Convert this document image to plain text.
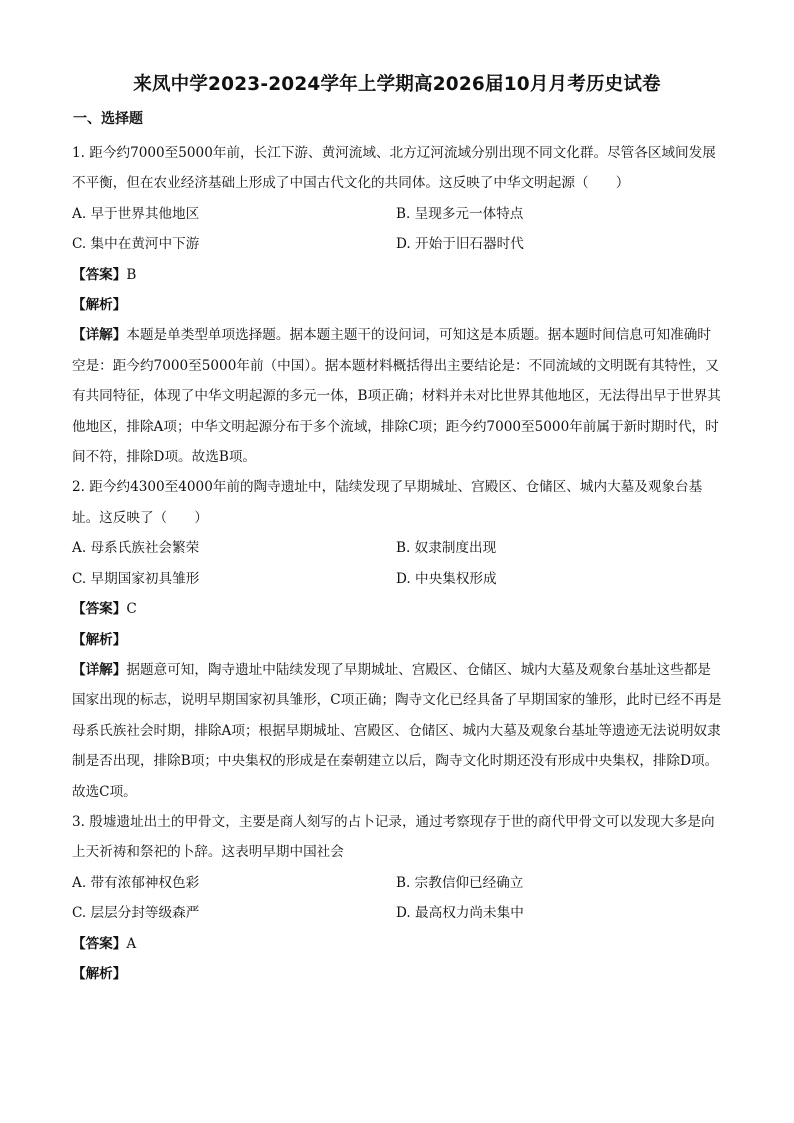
来凤中学2023-2024学年上学期高2026届10月月考历史试卷
一、选择题
1. 距今约7000至5000年前，长江下游、黄河流域、北方辽河流域分别出现不同文化群。尽管各区域间发展不平衡，但在农业经济基础上形成了中国古代文化的共同体。这反映了中华文明起源（　　）
A. 早于世界其他地区	B. 呈现多元一体特点
C. 集中在黄河中下游	D. 开始于旧石器时代
【答案】B
【解析】
【详解】本题是单类型单项选择题。据本题主题干的设问词，可知这是本质题。据本题时间信息可知准确时空是：距今约7000至5000年前（中国）。据本题材料概括得出主要结论是：不同流域的文明既有其特性，又有共同特征，体现了中华文明起源的多元一体，B项正确；材料并未对比世界其他地区，无法得出早于世界其他地区，排除A项；中华文明起源分布于多个流域，排除C项；距今约7000至5000年前属于新时期时代，时间不符，排除D项。故选B项。
2. 距今约4300至4000年前的陶寺遗址中，陆续发现了早期城址、宫殿区、仓储区、城内大墓及观象台基址。这反映了（　　）
A. 母系氏族社会繁荣	B. 奴隶制度出现
C. 早期国家初具雏形	D. 中央集权形成
【答案】C
【解析】
【详解】据题意可知，陶寺遗址中陆续发现了早期城址、宫殿区、仓储区、城内大墓及观象台基址这些都是国家出现的标志，说明早期国家初具雏形，C项正确；陶寺文化已经具备了早期国家的雏形，此时已经不再是母系氏族社会时期，排除A项；根据早期城址、宫殿区、仓储区、城内大墓及观象台基址等遗迹无法说明奴隶制是否出现，排除B项；中央集权的形成是在秦朝建立以后，陶寺文化时期还没有形成中央集权，排除D项。故选C项。
3. 殷墟遗址出土的甲骨文，主要是商人刻写的占卜记录，通过考察现存于世的商代甲骨文可以发现大多是向上天祈祷和祭祀的卜辞。这表明早期中国社会
A. 带有浓郁神权色彩	B. 宗教信仰已经确立
C. 层层分封等级森严	D. 最高权力尚未集中
【答案】A
【解析】
